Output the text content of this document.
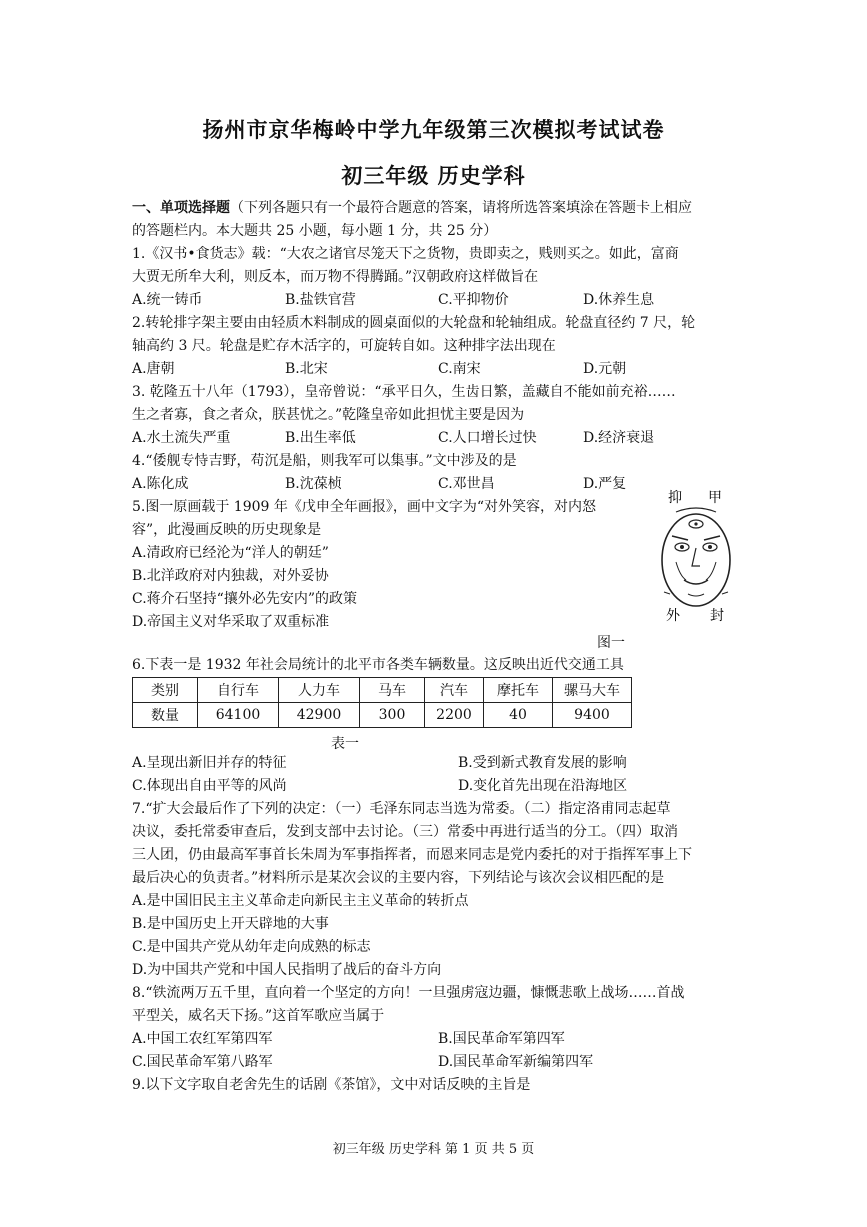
扬州市京华梅岭中学九年级第三次模拟考试试卷
初三年级 历史学科
一、单项选择题（下列各题只有一个最符合题意的答案，请将所选答案填涂在答题卡上相应
的答题栏内。本大题共 25 小题，每小题 1 分，共 25 分）
1.《汉书•食货志》载：“大农之诸官尽笼天下之货物，贵即卖之，贱则买之。如此，富商
大贾无所牟大利，则反本，而万物不得腾踊。”汉朝政府这样做旨在
A.统一铸币	B.盐铁官营	C.平抑物价	D.休养生息
2.转轮排字架主要由由轻质木料制成的圆桌面似的大轮盘和轮轴组成。轮盘直径约 7 尺，轮
轴高约 3 尺。轮盘是贮存木活字的，可旋转自如。这种排字法出现在
A.唐朝	B.北宋	C.南宋	D.元朝
3. 乾隆五十八年（1793），皇帝曾说：“承平日久，生齿日繁，盖藏自不能如前充裕……
生之者寡，食之者众，朕甚忧之。”乾隆皇帝如此担忧主要是因为
A.水土流失严重	B.出生率低	C.人口增长过快	D.经济衰退
4.“倭舰专恃吉野，苟沉是船，则我军可以集事。”文中涉及的是
A.陈化成	B.沈葆桢	C.邓世昌	D.严复
5.图一原画载于 1909 年《戊申全年画报》，画中文字为“对外笑容，对内怒
容”，此漫画反映的历史现象是
A.清政府已经沦为“洋人的朝廷”
B.北洋政府对内独裁，对外妥协
C.蒋介石坚持“攘外必先安内”的政策
D.帝国主义对华采取了双重标准
抑 甲
外 封
图一
6.下表一是 1932 年社会局统计的北平市各类车辆数量。这反映出近代交通工具
类别	自行车	人力车	马车	汽车	摩托车	骡马大车
数量	64100	42900	300	2200	40	9400
表一
A.呈现出新旧并存的特征	B.受到新式教育发展的影响
C.体现出自由平等的风尚	D.变化首先出现在沿海地区
7.“扩大会最后作了下列的决定：（一）毛泽东同志当选为常委。（二）指定洛甫同志起草
决议，委托常委审查后，发到支部中去讨论。（三）常委中再进行适当的分工。（四）取消
三人团，仍由最高军事首长朱周为军事指挥者，而恩来同志是党内委托的对于指挥军事上下
最后决心的负责者。”材料所示是某次会议的主要内容，下列结论与该次会议相匹配的是
A.是中国旧民主主义革命走向新民主主义革命的转折点
B.是中国历史上开天辟地的大事
C.是中国共产党从幼年走向成熟的标志
D.为中国共产党和中国人民指明了战后的奋斗方向
8.“铁流两万五千里，直向着一个坚定的方向！一旦强虏寇边疆，慷慨悲歌上战场……首战
平型关，威名天下扬。”这首军歌应当属于
A.中国工农红军第四军	B.国民革命军第四军
C.国民革命军第八路军	D.国民革命军新编第四军
9.以下文字取自老舍先生的话剧《茶馆》，文中对话反映的主旨是
初三年级 历史学科 第 1 页 共 5 页
